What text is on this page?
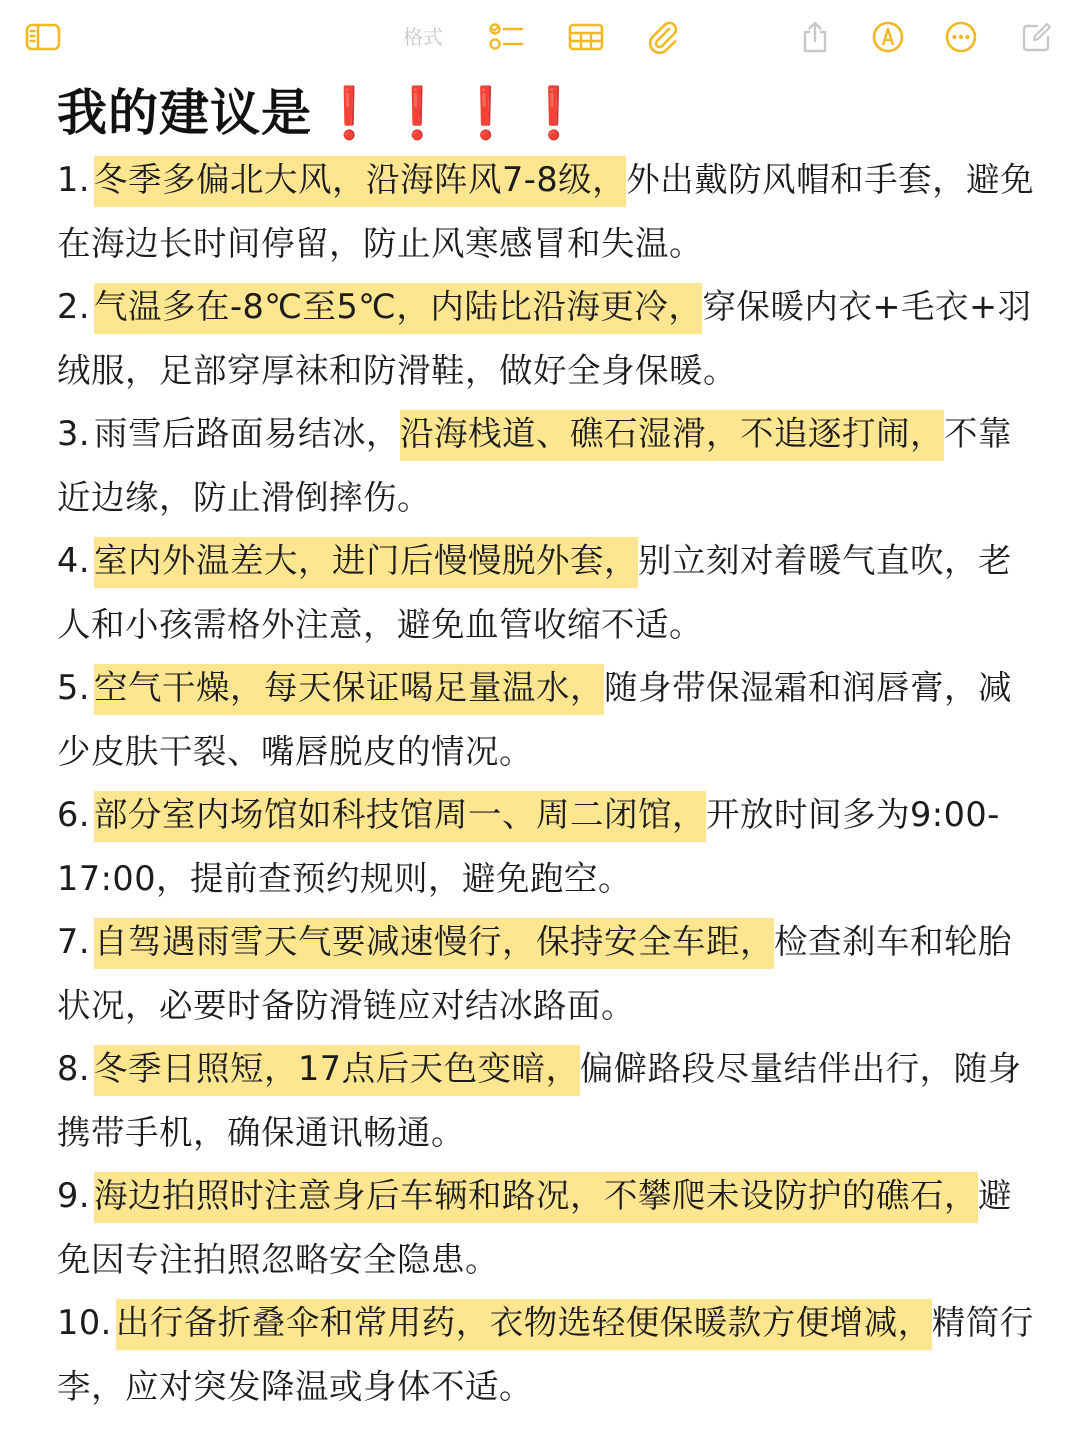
格式
我的建议是 ❗❗❗❗
1. 冬季多偏北大风，沿海阵风7-8级，外出戴防风帽和手套，避免在海边长时间停留，防止风寒感冒和失温。
2. 气温多在-8℃至5℃，内陆比沿海更冷，穿保暖内衣+毛衣+羽绒服，足部穿厚袜和防滑鞋，做好全身保暖。
3. 雨雪后路面易结冰，沿海栈道、礁石湿滑，不追逐打闹，不靠近边缘，防止滑倒摔伤。
4. 室内外温差大，进门后慢慢脱外套，别立刻对着暖气直吹，老人和小孩需格外注意，避免血管收缩不适。
5. 空气干燥，每天保证喝足量温水，随身带保湿霜和润唇膏，减少皮肤干裂、嘴唇脱皮的情况。
6. 部分室内场馆如科技馆周一、周二闭馆，开放时间多为9:00-17:00，提前查预约规则，避免跑空。
7. 自驾遇雨雪天气要减速慢行，保持安全车距，检查刹车和轮胎状况，必要时备防滑链应对结冰路面。
8. 冬季日照短，17点后天色变暗，偏僻路段尽量结伴出行，随身携带手机，确保通讯畅通。
9. 海边拍照时注意身后车辆和路况，不攀爬未设防护的礁石，避免因专注拍照忽略安全隐患。
10. 出行备折叠伞和常用药，衣物选轻便保暖款方便增减，精简行李，应对突发降温或身体不适。
